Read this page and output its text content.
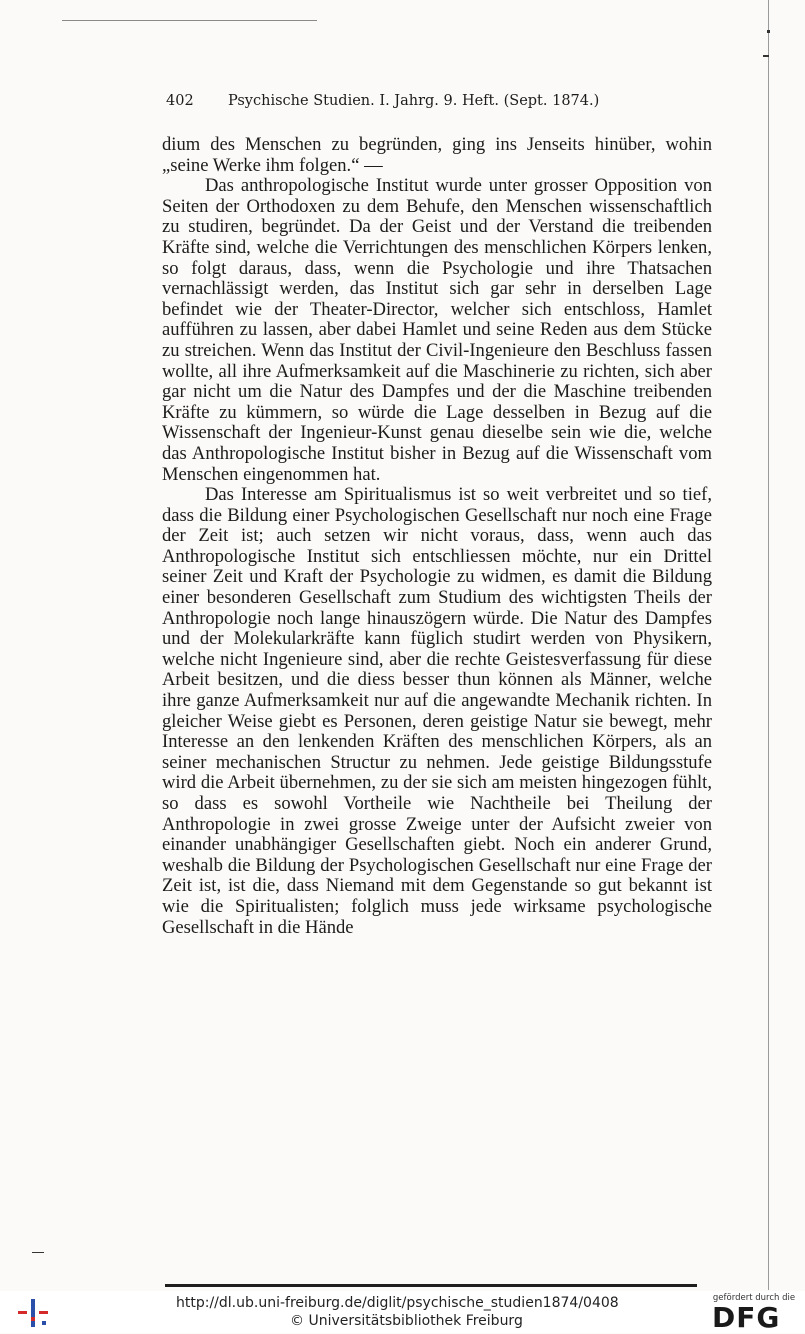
402 Psychische Studien. I. Jahrg. 9. Heft. (Sept. 1874.)

dium des Menschen zu begründen, ging ins Jenseits hinüber, wohin „seine Werke ihm folgen.“ —

Das anthropologische Institut wurde unter grosser Opposition von Seiten der Orthodoxen zu dem Behufe, den Menschen wissenschaftlich zu studiren, begründet. Da der Geist und der Verstand die treibenden Kräfte sind, welche die Verrichtungen des menschlichen Körpers lenken, so folgt daraus, dass, wenn die Psychologie und ihre Thatsachen vernachlässigt werden, das Institut sich gar sehr in derselben Lage befindet wie der Theater-Director, welcher sich entschloss, Hamlet aufführen zu lassen, aber dabei Hamlet und seine Reden aus dem Stücke zu streichen. Wenn das Institut der Civil-Ingenieure den Beschluss fassen wollte, all ihre Aufmerksamkeit auf die Maschinerie zu richten, sich aber gar nicht um die Natur des Dampfes und der die Maschine treibenden Kräfte zu kümmern, so würde die Lage desselben in Bezug auf die Wissenschaft der Ingenieur-Kunst genau dieselbe sein wie die, welche das Anthropologische Institut bisher in Bezug auf die Wissenschaft vom Menschen eingenommen hat.

Das Interesse am Spiritualismus ist so weit verbreitet und so tief, dass die Bildung einer Psychologischen Gesellschaft nur noch eine Frage der Zeit ist; auch setzen wir nicht voraus, dass, wenn auch das Anthropologische Institut sich entschliessen möchte, nur ein Drittel seiner Zeit und Kraft der Psychologie zu widmen, es damit die Bildung einer besonderen Gesellschaft zum Studium des wichtigsten Theils der Anthropologie noch lange hinauszögern würde. Die Natur des Dampfes und der Molekularkräfte kann füglich studirt werden von Physikern, welche nicht Ingenieure sind, aber die rechte Geistesverfassung für diese Arbeit besitzen, und die diess besser thun können als Männer, welche ihre ganze Aufmerksamkeit nur auf die angewandte Mechanik richten. In gleicher Weise giebt es Personen, deren geistige Natur sie bewegt, mehr Interesse an den lenkenden Kräften des menschlichen Körpers, als an seiner mechanischen Structur zu nehmen. Jede geistige Bildungsstufe wird die Arbeit übernehmen, zu der sie sich am meisten hingezogen fühlt, so dass es sowohl Vortheile wie Nachtheile bei Theilung der Anthropologie in zwei grosse Zweige unter der Aufsicht zweier von einander unabhängiger Gesellschaften giebt. Noch ein anderer Grund, weshalb die Bildung der Psychologischen Gesellschaft nur eine Frage der Zeit ist, ist die, dass Niemand mit dem Gegenstande so gut bekannt ist wie die Spiritualisten; folglich muss jede wirksame psychologische Gesellschaft in die Hände

http://dl.ub.uni-freiburg.de/diglit/psychische_studien1874/0408
© Universitätsbibliothek Freiburg
gefördert durch die
DFG
